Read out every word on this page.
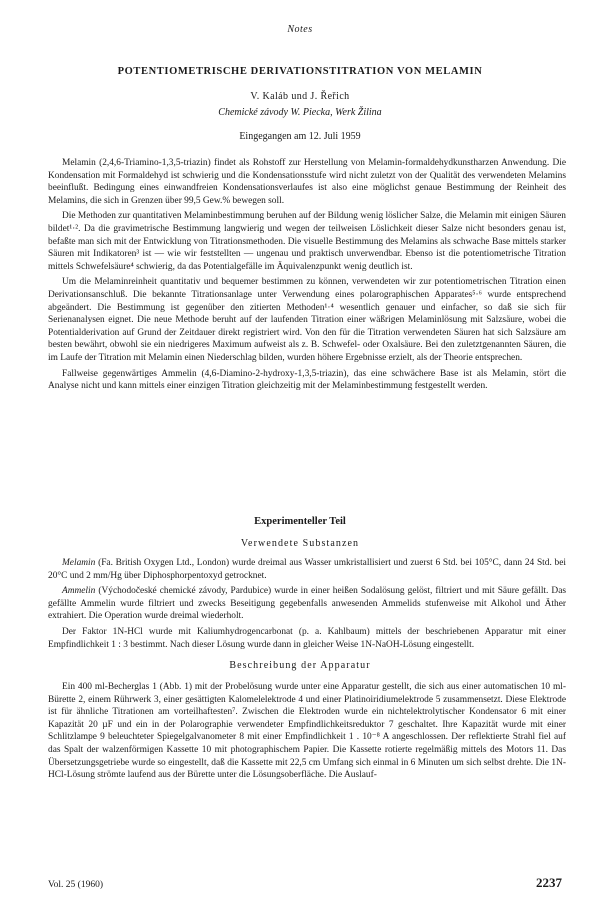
Notes
POTENTIOMETRISCHE DERIVATIONSTITRATION VON MELAMIN
V. Kaláb und J. Řeřich
Chemické závody W. Piecka, Werk Žilina
Eingegangen am 12. Juli 1959

Melamin (2,4,6-Triamino-1,3,5-triazin) findet als Rohstoff zur Herstellung von Melamin-formaldehydkunstharzen Anwendung. Die Kondensation mit Formaldehyd ist schwierig und die Kondensationsstufe wird nicht zuletzt von der Qualität des verwendeten Melamins beeinflußt. Bedingung eines einwandfreien Kondensationsverlaufes ist also eine möglichst genaue Bestimmung der Reinheit des Melamins, die sich in Grenzen über 99,5 Gew.% bewegen soll.

Die Methoden zur quantitativen Melaminbestimmung beruhen auf der Bildung wenig löslicher Salze, die Melamin mit einigen Säuren bildet¹·². Da die gravimetrische Bestimmung langwierig und wegen der teilweisen Löslichkeit dieser Salze nicht besonders genau ist, befaßte man sich mit der Entwicklung von Titrationsmethoden. Die visuelle Bestimmung des Melamins als schwache Base mittels starker Säuren mit Indikatoren³ ist — wie wir feststellten — ungenau und praktisch unverwendbar. Ebenso ist die potentiometrische Titration mittels Schwefelsäure⁴ schwierig, da das Potentialgefälle im Äquivalenzpunkt wenig deutlich ist.

Um die Melaminreinheit quantitativ und bequemer bestimmen zu können, verwendeten wir zur potentiometrischen Titration einen Derivationsanschluß. Die bekannte Titrationsanlage unter Verwendung eines polarographischen Apparates⁵·⁶ wurde entsprechend abgeändert. Die Bestimmung ist gegenüber den zitierten Methoden¹·⁴ wesentlich genauer und einfacher, so daß sie sich für Serienanalysen eignet. Die neue Methode beruht auf der laufenden Titration einer wäßrigen Melaminlösung mit Salzsäure, wobei die Potentialderivation auf Grund der Zeitdauer direkt registriert wird. Von den für die Titration verwendeten Säuren hat sich Salzsäure am besten bewährt, obwohl sie ein niedrigeres Maximum aufweist als z. B. Schwefel- oder Oxalsäure. Bei den zuletztgenannten Säuren, die im Laufe der Titration mit Melamin einen Niederschlag bilden, wurden höhere Ergebnisse erzielt, als der Theorie entsprechen.

Fallweise gegenwärtiges Ammelin (4,6-Diamino-2-hydroxy-1,3,5-triazin), das eine schwächere Base ist als Melamin, stört die Analyse nicht und kann mittels einer einzigen Titration gleichzeitig mit der Melaminbestimmung festgestellt werden.

Experimenteller Teil
Verwendete Substanzen

Melamin (Fa. British Oxygen Ltd., London) wurde dreimal aus Wasser umkristallisiert und zuerst 6 Std. bei 105°C, dann 24 Std. bei 20°C und 2 mm/Hg über Diphosphorpentoxyd getrocknet.

Ammelin (Východočeské chemické závody, Pardubice) wurde in einer heißen Sodalösung gelöst, filtriert und mit Säure gefällt. Das gefällte Ammelin wurde filtriert und zwecks Beseitigung gegebenfalls anwesenden Ammelids stufenweise mit Alkohol und Äther extrahiert. Die Operation wurde dreimal wiederholt.

Der Faktor 1N-HCl wurde mit Kaliumhydrogencarbonat (p. a. Kahlbaum) mittels der beschriebenen Apparatur mit einer Empfindlichkeit 1 : 3 bestimmt. Nach dieser Lösung wurde dann in gleicher Weise 1N-NaOH-Lösung eingestellt.

Beschreibung der Apparatur

Ein 400 ml-Becherglas 1 (Abb. 1) mit der Probelösung wurde unter eine Apparatur gestellt, die sich aus einer automatischen 10 ml-Bürette 2, einem Rührwerk 3, einer gesättigten Kalomelelektrode 4 und einer Platinoiridiumelektrode 5 zusammensetzt. Diese Elektrode ist für ähnliche Titrationen am vorteilhaftesten⁷. Zwischen die Elektroden wurde ein nichtelektrolytischer Kondensator 6 mit einer Kapazität 20 µF und ein in der Polarographie verwendeter Empfindlichkeitsreduktor 7 geschaltet. Ihre Kapazität wurde mit einer Schlitzlampe 9 beleuchteter Spiegelgalvanometer 8 mit einer Empfindlichkeit 1 . 10⁻⁸ A angeschlossen. Der reflektierte Strahl fiel auf das Spalt der walzenförmigen Kassette 10 mit photographischem Papier. Die Kassette rotierte regelmäßig mittels des Motors 11. Das Übersetzungsgetriebe wurde so eingestellt, daß die Kassette mit 22,5 cm Umfang sich einmal in 6 Minuten um sich selbst drehte. Die 1N-HCl-Lösung strömte laufend aus der Bürette unter die Lösungsoberfläche. Die Auslauf-

Vol. 25 (1960)	2237
